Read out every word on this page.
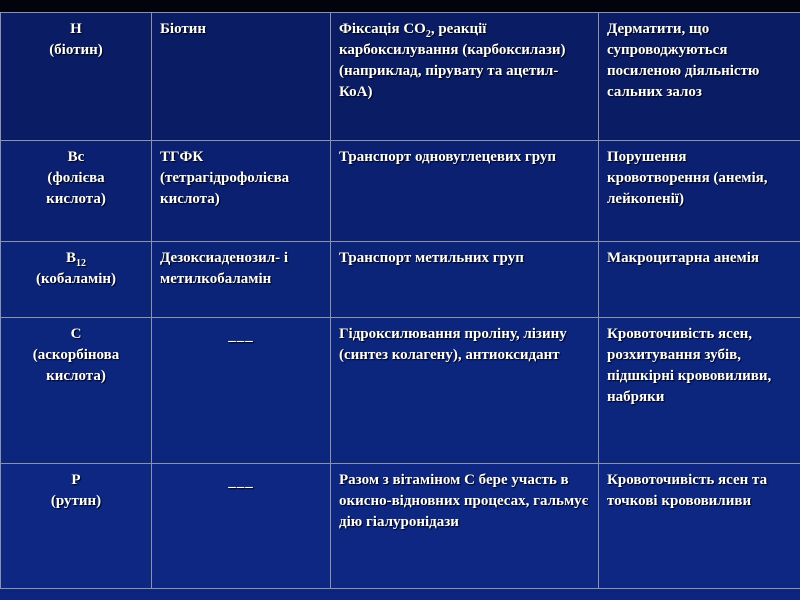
H
(біотин)	Біотин	Фіксація $СО_2$, реакції карбоксилування (карбоксилази) (наприклад, пірувату та ацетил-КоА)	Дерматити, що супроводжуються посиленою діяльністю сальних залоз

Вс
(фолієва
кислота)	ТГФК (тетрагідрофолієва кислота)	Транспорт одновуглецевих груп	Порушення кровотворення (анемія, лейкопенії)

$В_{12}$
(кобаламін)	Дезоксиаденозил- і метилкобаламін	Транспорт метильних груп	Макроцитарна анемія

С
(аскорбінова
кислота)	___	Гідроксилювання проліну, лізину (синтез колагену), антиоксидант	Кровоточивість ясен, розхитування зубів, підшкірні крововиливи, набряки

Р
(рутин)	___	Разом з вітаміном С бере участь в окисно-відновних процесах, гальмує дію гіалуронідази	Кровоточивість ясен та точкові крововиливи
